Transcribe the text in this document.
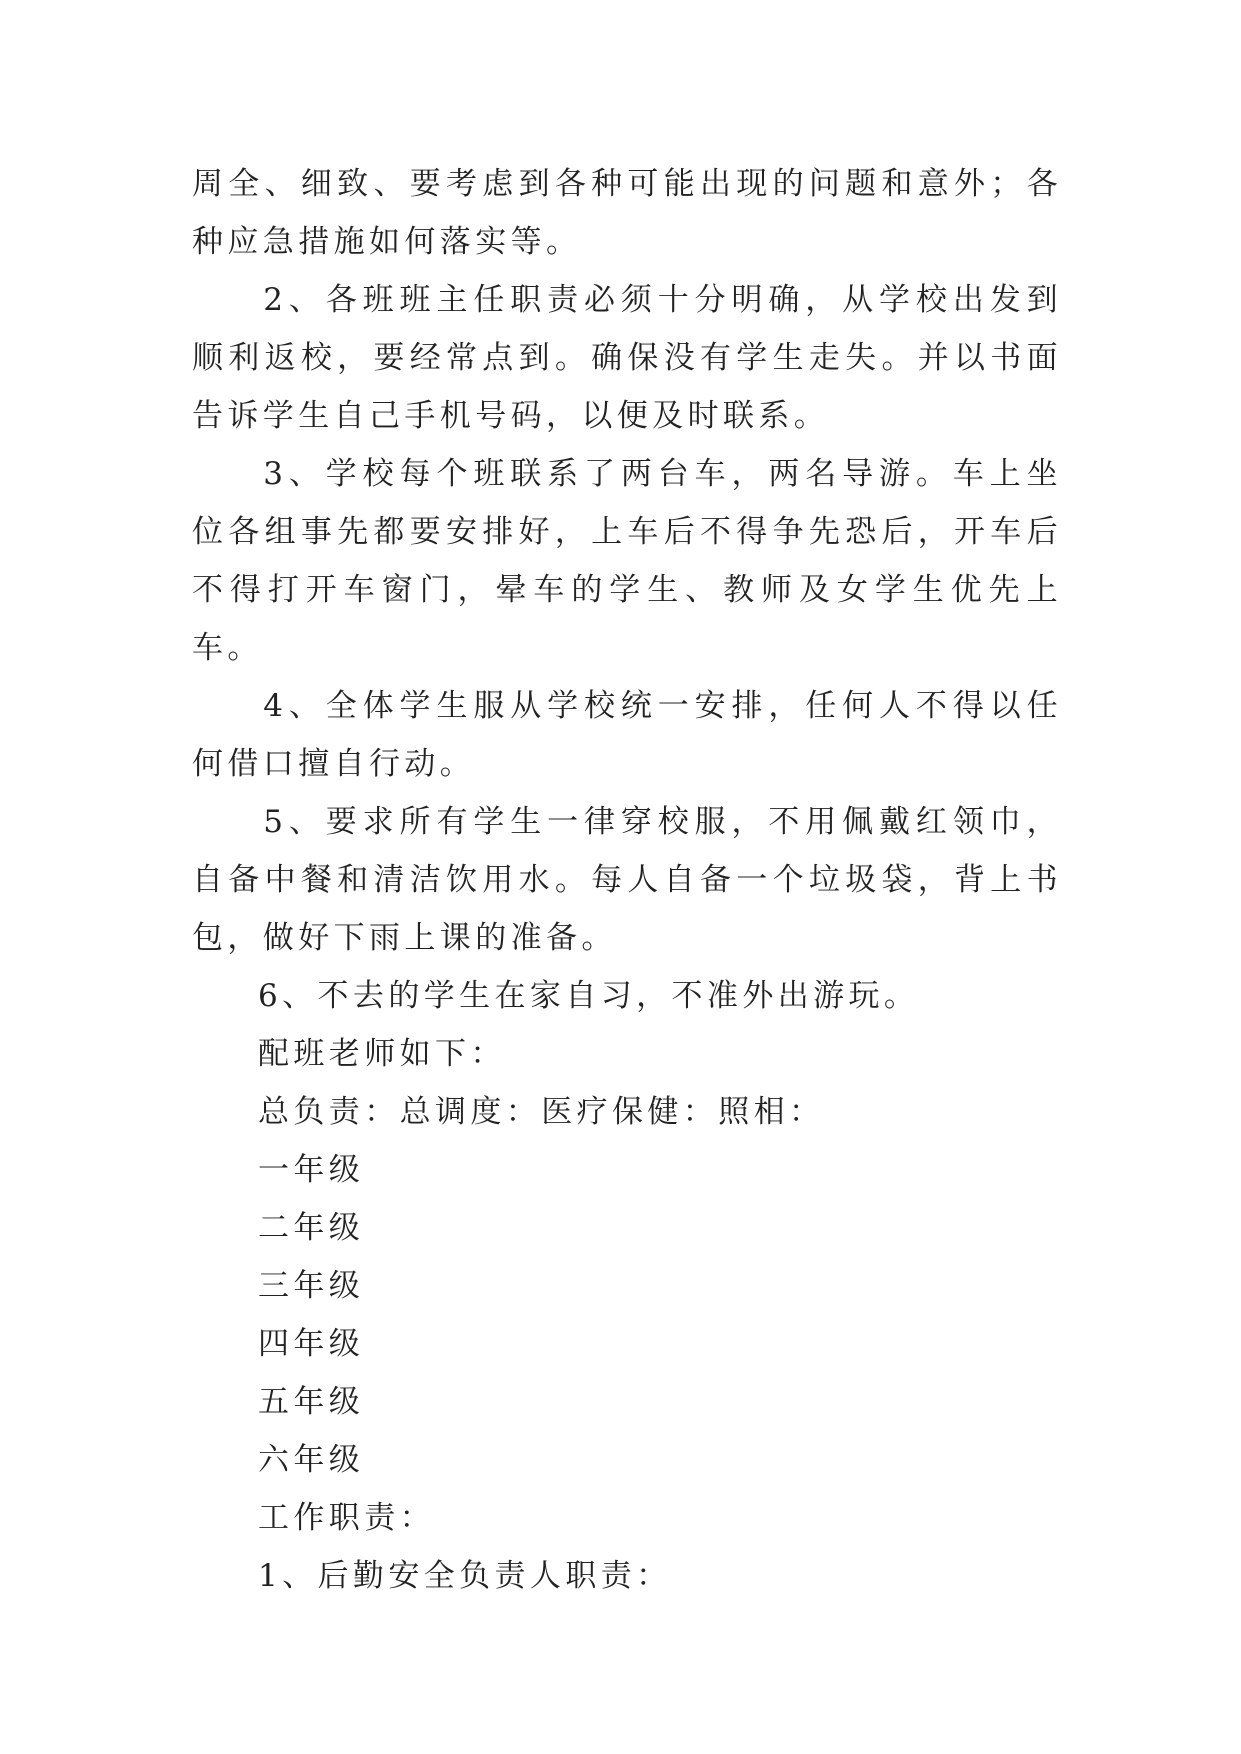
周全、细致、要考虑到各种可能出现的问题和意外；各种应急措施如何落实等。

2、各班班主任职责必须十分明确，从学校出发到顺利返校，要经常点到。确保没有学生走失。并以书面告诉学生自己手机号码，以便及时联系。

3、学校每个班联系了两台车，两名导游。车上坐位各组事先都要安排好，上车后不得争先恐后，开车后不得打开车窗门，晕车的学生、教师及女学生优先上车。

4、全体学生服从学校统一安排，任何人不得以任何借口擅自行动。

5、要求所有学生一律穿校服，不用佩戴红领巾，自备中餐和清洁饮用水。每人自备一个垃圾袋，背上书包，做好下雨上课的准备。

6、不去的学生在家自习，不准外出游玩。

配班老师如下：

总负责：总调度：医疗保健：照相：

一年级

二年级

三年级

四年级

五年级

六年级

工作职责：

1、后勤安全负责人职责：
